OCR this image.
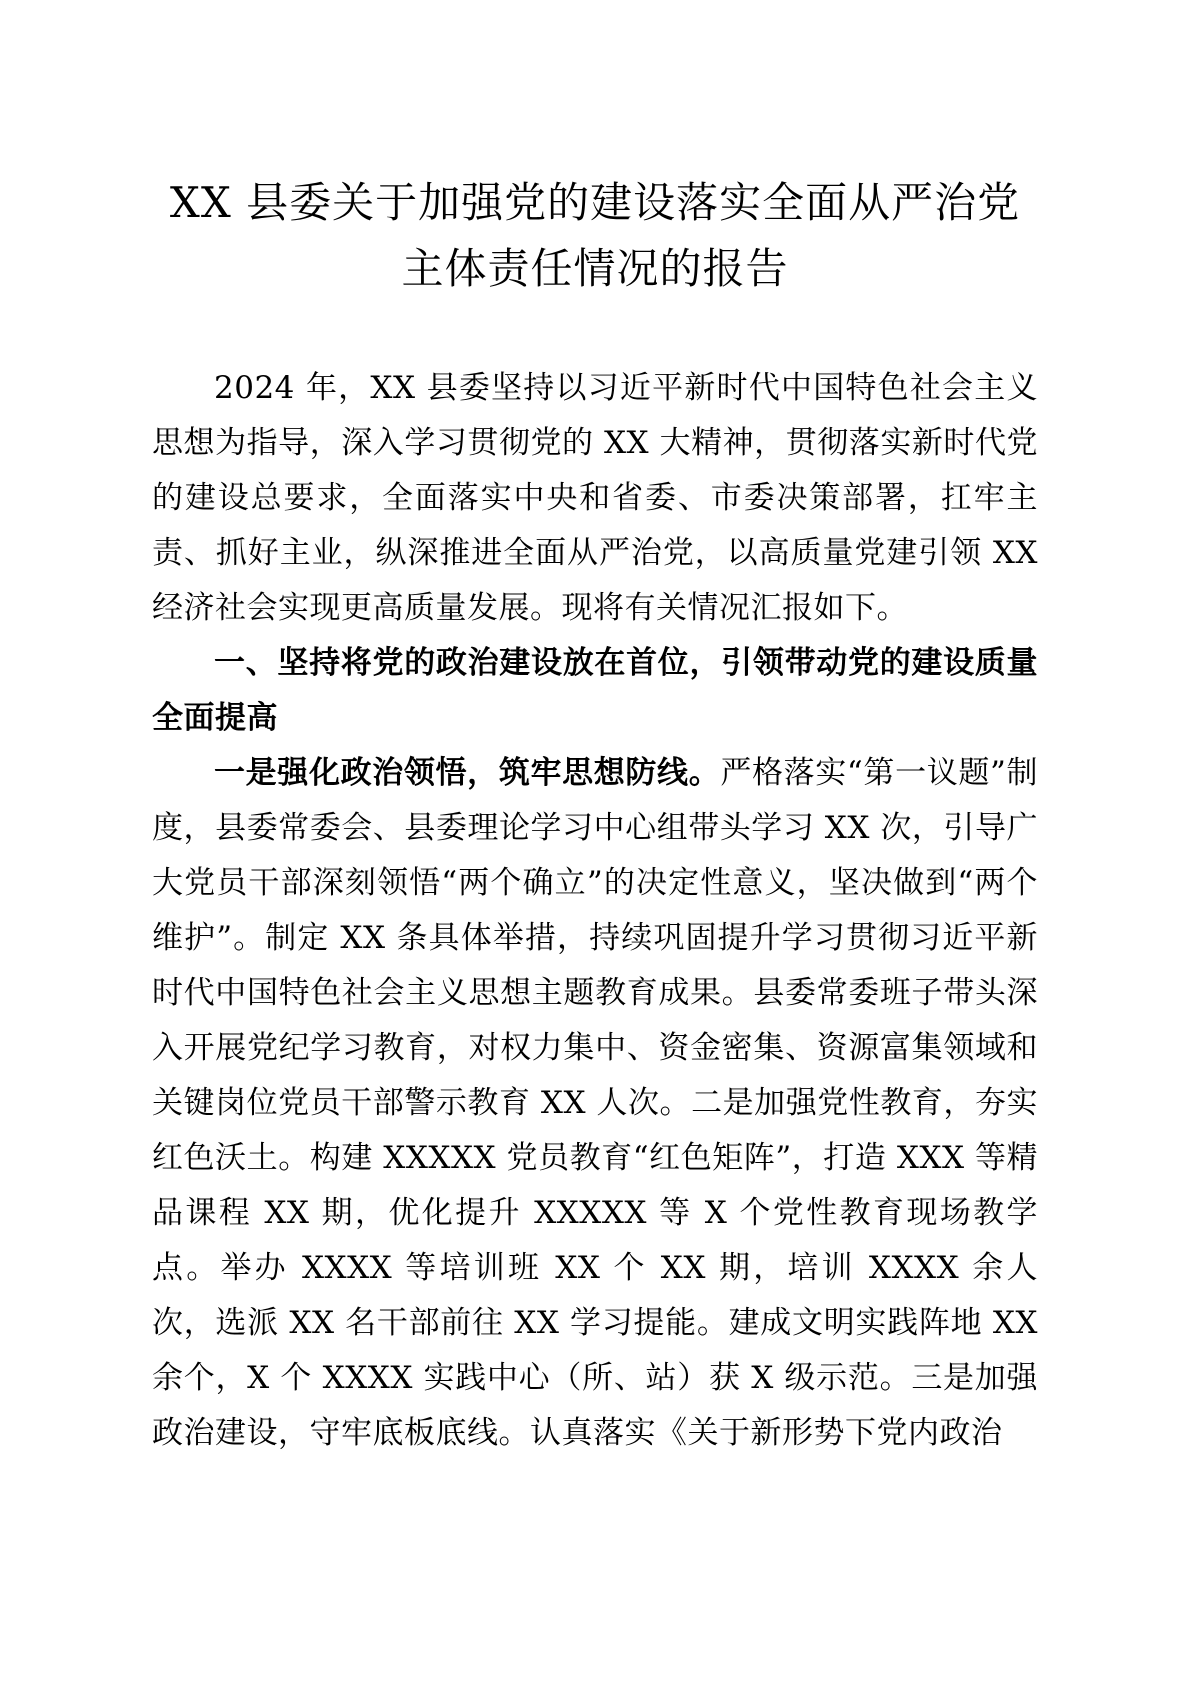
XX 县委关于加强党的建设落实全面从严治党
主体责任情况的报告

2024 年，XX 县委坚持以习近平新时代中国特色社会主义思想为指导，深入学习贯彻党的 XX 大精神，贯彻落实新时代党的建设总要求，全面落实中央和省委、市委决策部署，扛牢主责、抓好主业，纵深推进全面从严治党，以高质量党建引领 XX 经济社会实现更高质量发展。现将有关情况汇报如下。

一、坚持将党的政治建设放在首位，引领带动党的建设质量全面提高

一是强化政治领悟，筑牢思想防线。严格落实“第一议题”制度，县委常委会、县委理论学习中心组带头学习 XX 次，引导广大党员干部深刻领悟“两个确立”的决定性意义，坚决做到“两个维护”。制定 XX 条具体举措，持续巩固提升学习贯彻习近平新时代中国特色社会主义思想主题教育成果。县委常委班子带头深入开展党纪学习教育，对权力集中、资金密集、资源富集领域和关键岗位党员干部警示教育 XX 人次。二是加强党性教育，夯实红色沃土。构建 XXXXX 党员教育“红色矩阵”，打造 XXX 等精品课程 XX 期，优化提升 XXXXX 等 X 个党性教育现场教学点。举办 XXXX 等培训班 XX 个 XX 期，培训 XXXX 余人次，选派 XX 名干部前往 XX 学习提能。建成文明实践阵地 XX 余个，X 个 XXXX 实践中心（所、站）获 X 级示范。三是加强政治建设，守牢底板底线。认真落实《关于新形势下党内政治
